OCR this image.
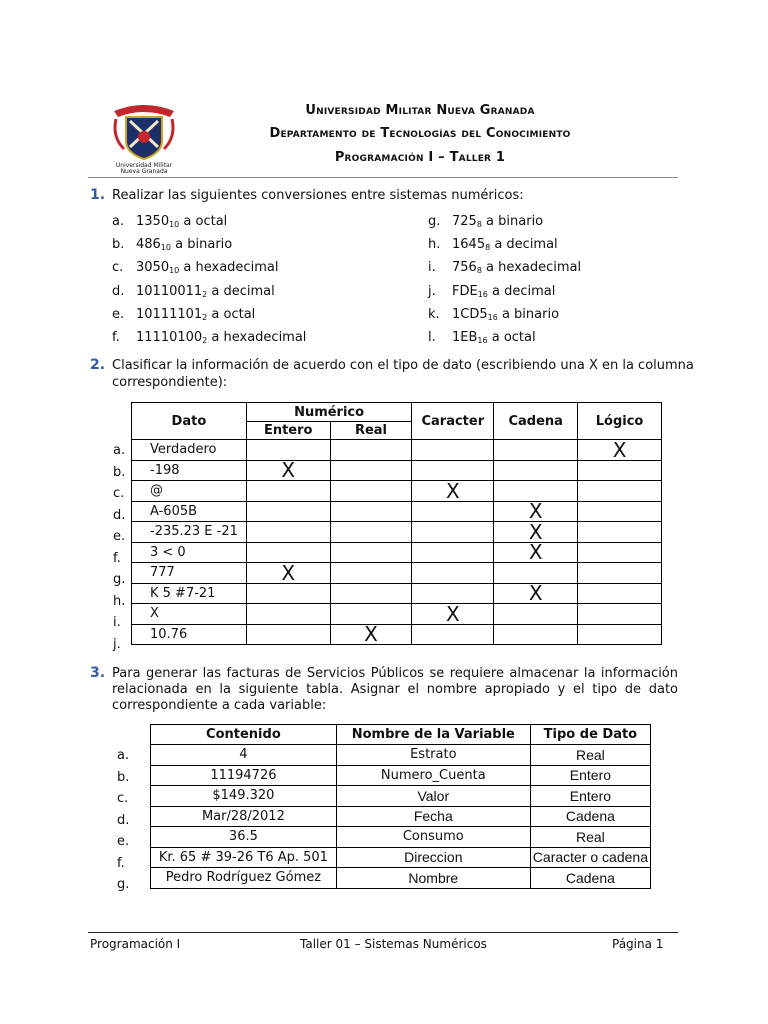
Universidad Militar
Nueva Granada
Universidad Militar Nueva Granada
Departamento de Tecnologías del Conocimiento
Programación I – Taller 1
1. Realizar las siguientes conversiones entre sistemas numéricos:
a. $1350_{10}$ a octal
b. $486_{10}$ a binario
c. $3050_{10}$ a hexadecimal
d. $10110011_2$ a decimal
e. $10111101_2$ a octal
f. $11110100_2$ a hexadecimal
g. $725_8$ a binario
h. $1645_8$ a decimal
i. $756_8$ a hexadecimal
j. $FDE_{16}$ a decimal
k. $1CD5_{16}$ a binario
l. $1EB_{16}$ a octal
2. Clasificar la información de acuerdo con el tipo de dato (escribiendo una X en la columna
correspondiente):
Dato	Numérico		Caracter	Cadena	Lógico
	Entero	Real			
Verdadero					X
-198	X				
@			X		
A-605B				X	
-235.23 E -21				X	
3 < 0				X	
777	X				
K 5 #7-21				X	
X			X		
10.76		X			
a.
b.
c.
d.
e.
f.
g.
h.
i.
j.
3. Para generar las facturas de Servicios Públicos se requiere almacenar la información
relacionada en la siguiente tabla. Asignar el nombre apropiado y el tipo de dato
correspondiente a cada variable:
Contenido	Nombre de la Variable	Tipo de Dato
4	Estrato	Real
11194726	Numero_Cuenta	Entero
$149.320	Valor	Entero
Mar/28/2012	Fecha	Cadena
36.5	Consumo	Real
Kr. 65 # 39-26 T6 Ap. 501	Direccion	Caracter o cadena
Pedro Rodríguez Gómez	Nombre	Cadena
a.
b.
c.
d.
e.
f.
g.
Programación I	Taller 01 – Sistemas Numéricos	Página 1
